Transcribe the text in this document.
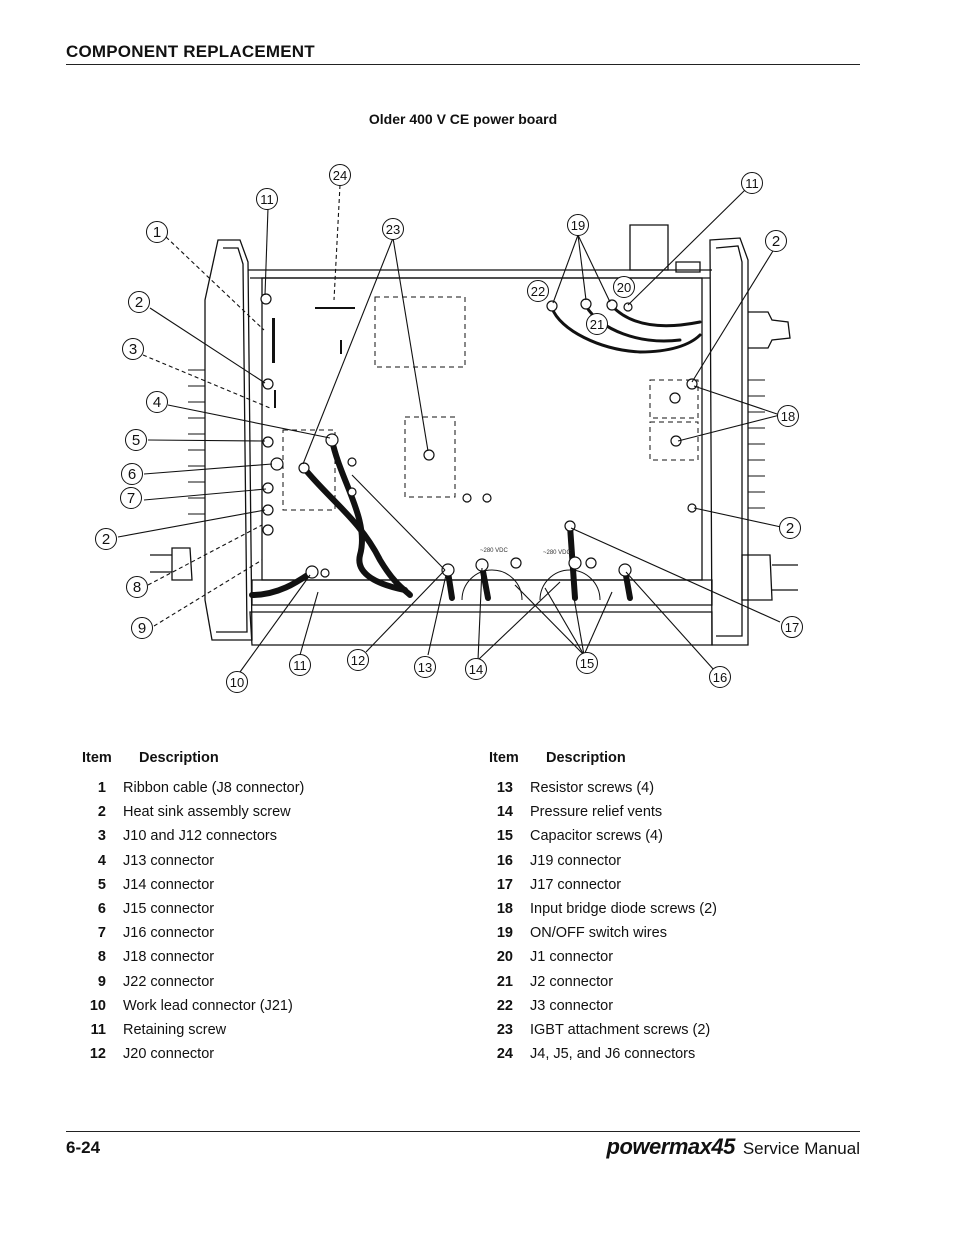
COMPONENT REPLACEMENT
Older 400 V CE power board
~280 VDC	~280 VDC
1
2
3
4
5
6
7
2
8
9
10
11	12	13	14	15
16
17
2
18
11
2
19
20
21
22
23
24
11
Item Description
1 Ribbon cable (J8 connector)
2 Heat sink assembly screw
3 J10 and J12 connectors
4 J13 connector
5 J14 connector
6 J15 connector
7 J16 connector
8 J18 connector
9 J22 connector
10 Work lead connector (J21)
11 Retaining screw
12 J20 connector
Item Description
13 Resistor screws (4)
14 Pressure relief vents
15 Capacitor screws (4)
16 J19 connector
17 J17 connector
18 Input bridge diode screws (2)
19 ON/OFF switch wires
20 J1 connector
21 J2 connector
22 J3 connector
23 IGBT attachment screws (2)
24 J4, J5, and J6 connectors
6-24	powermax45 Service Manual
